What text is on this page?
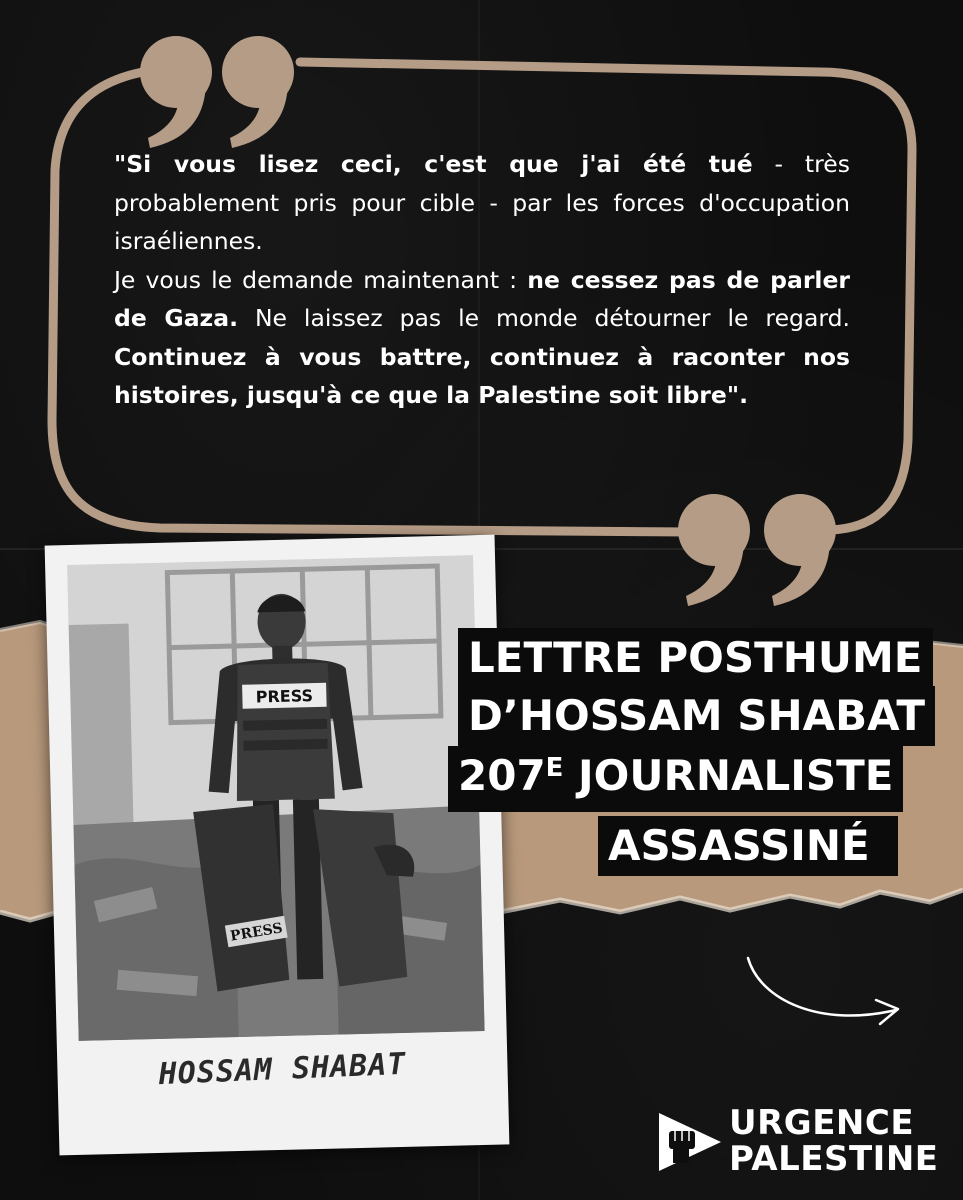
"Si vous lisez ceci, c'est que j'ai été tué - très probablement pris pour cible - par les forces d'occupation israéliennes.
Je vous le demande maintenant : ne cessez pas de parler de Gaza. Ne laissez pas le monde détourner le regard. Continuez à vous battre, continuez à raconter nos histoires, jusqu'à ce que la Palestine soit libre".
PRESS
PRESS
HOSSAM SHABAT
LETTRE POSTHUME
D’HOSSAM SHABAT
$207^E$ JOURNALISTE
ASSASSINÉ
URGENCE
PALESTINE
